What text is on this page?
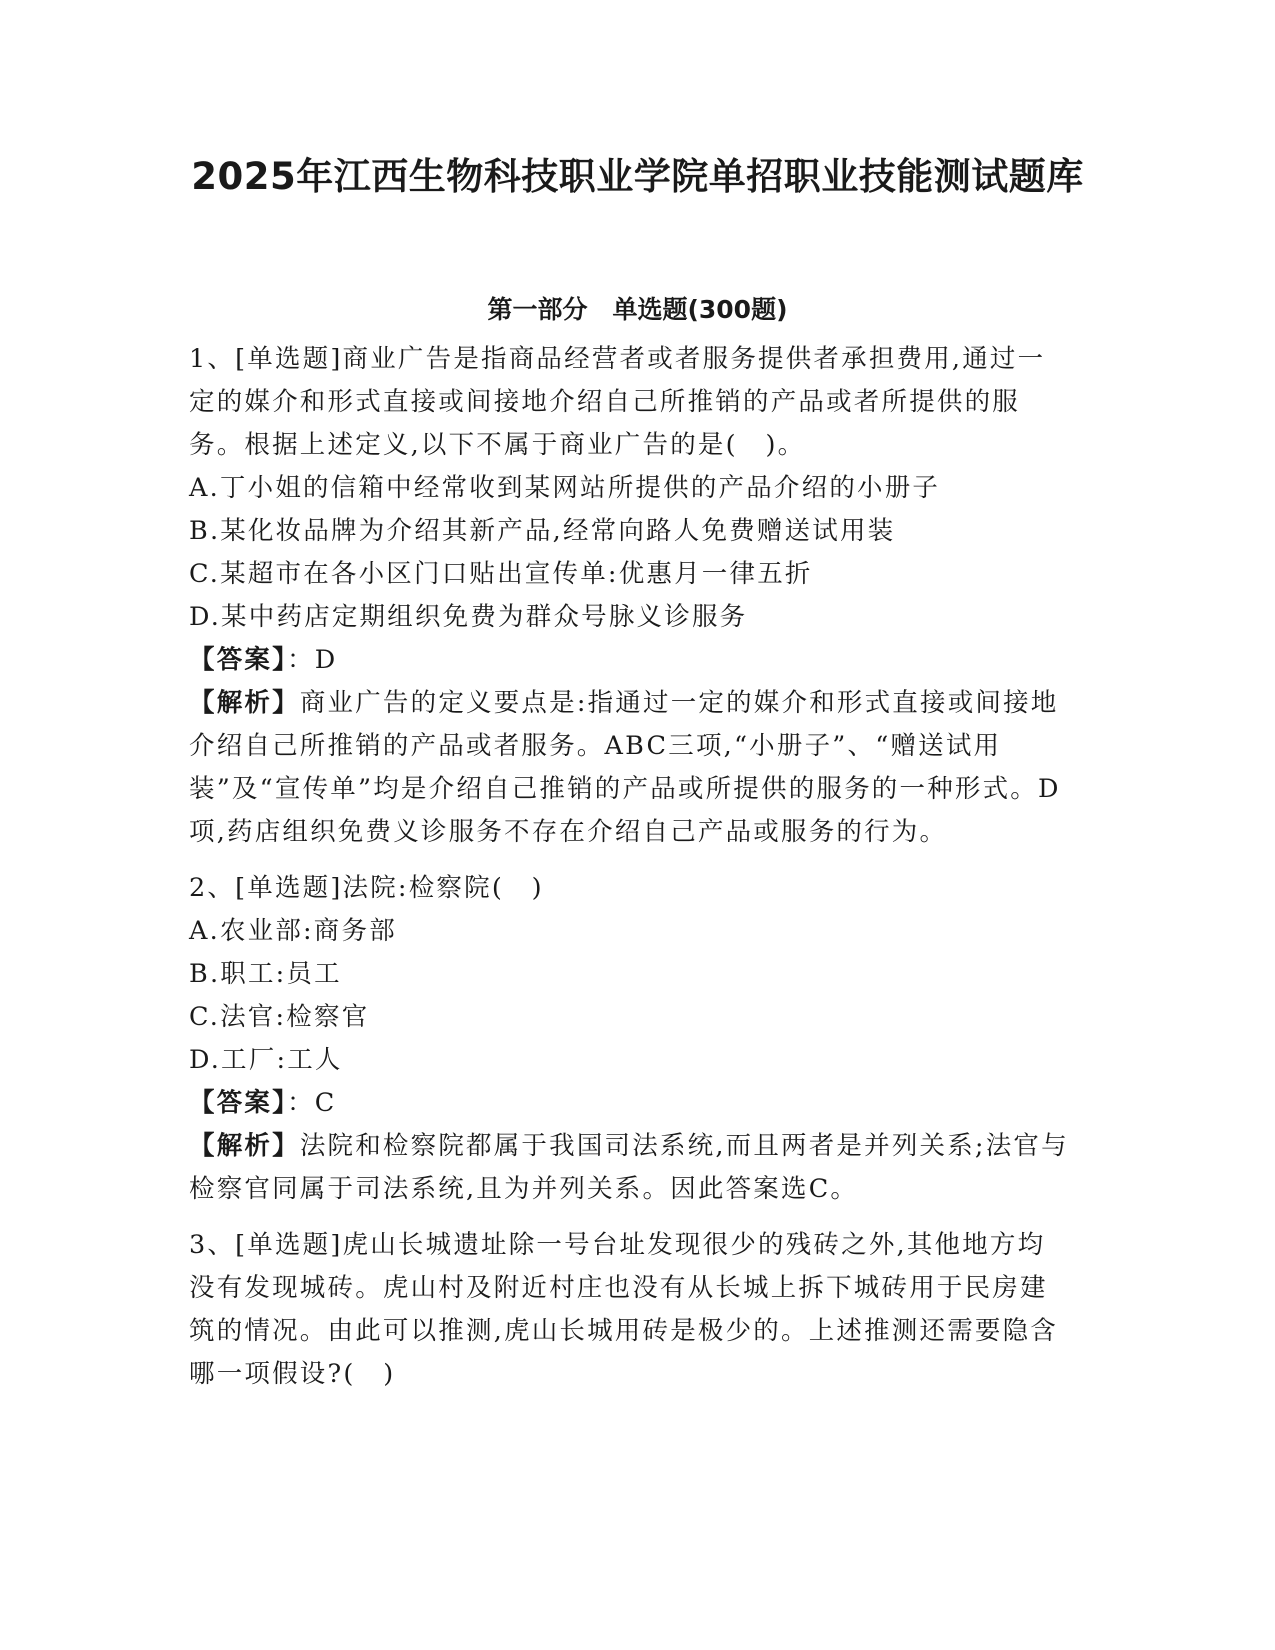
2025年江西生物科技职业学院单招职业技能测试题库
第一部分　单选题(300题)

1、[单选题]商业广告是指商品经营者或者服务提供者承担费用,通过一定的媒介和形式直接或间接地介绍自己所推销的产品或者所提供的服务。根据上述定义,以下不属于商业广告的是(　)。

A.丁小姐的信箱中经常收到某网站所提供的产品介绍的小册子

B.某化妆品牌为介绍其新产品,经常向路人免费赠送试用装

C.某超市在各小区门口贴出宣传单:优惠月一律五折

D.某中药店定期组织免费为群众号脉义诊服务

【答案】：D

【解析】商业广告的定义要点是:指通过一定的媒介和形式直接或间接地介绍自己所推销的产品或者服务。ABC三项,“小册子”、“赠送试用装”及“宣传单”均是介绍自己推销的产品或所提供的服务的一种形式。D项,药店组织免费义诊服务不存在介绍自己产品或服务的行为。

2、[单选题]法院:检察院(　)

A.农业部:商务部

B.职工:员工

C.法官:检察官

D.工厂:工人

【答案】：C

【解析】法院和检察院都属于我国司法系统,而且两者是并列关系;法官与检察官同属于司法系统,且为并列关系。因此答案选C。

3、[单选题]虎山长城遗址除一号台址发现很少的残砖之外,其他地方均没有发现城砖。虎山村及附近村庄也没有从长城上拆下城砖用于民房建筑的情况。由此可以推测,虎山长城用砖是极少的。上述推测还需要隐含哪一项假设?(　)
